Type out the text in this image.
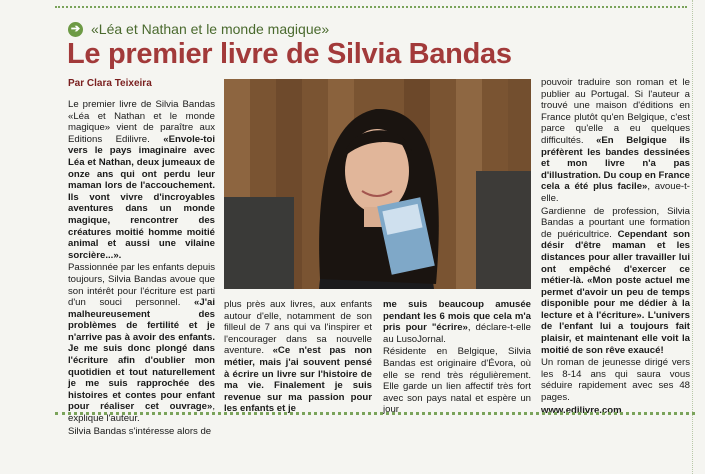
➔ «Léa et Nathan et le monde magique»
Le premier livre de Silvia Bandas
Par Clara Teixeira

Le premier livre de Silvia Bandas «Léa et Nathan et le monde magique» vient de paraître aux Editions Edilivre. «Envole-toi vers le pays imaginaire avec Léa et Nathan, deux jumeaux de onze ans qui ont perdu leur maman lors de l'accouchement. Ils vont vivre d'incroyables aventures dans un monde magique, rencontrer des créatures moitié homme moitié animal et aussi une vilaine sorcière...».

Passionnée par les enfants depuis toujours, Silvia Bandas avoue que son intérêt pour l'écriture est parti d'un souci personnel. «J'ai malheureusement des problèmes de fertilité et je n'arrive pas à avoir des enfants. Je me suis donc plongé dans l'écriture afin d'oublier mon quotidien et tout naturellement je me suis rapprochée des histoires et contes pour enfant pour réaliser cet ouvrage», explique l'auteur.

Silvia Bandas s'intéresse alors de

plus près aux livres, aux enfants autour d'elle, notamment de son filleul de 7 ans qui va l'inspirer et l'encourager dans sa nouvelle aventure. «Ce n'est pas non métier, mais j'ai souvent pensé à écrire un livre sur l'histoire de ma vie. Finalement je suis revenue sur ma passion pour les enfants et je

me suis beaucoup amusée pendant les 6 mois que cela m'a pris pour "écrire», déclare-t-elle au LusoJornal.

Résidente en Belgique, Silvia Bandas est originaire d'Évora, où elle se rend très régulièrement. Elle garde un lien affectif très fort avec son pays natal et espère un jour

pouvoir traduire son roman et le publier au Portugal. Si l'auteur a trouvé une maison d'éditions en France plutôt qu'en Belgique, c'est parce qu'elle a eu quelques difficultés. «En Belgique ils préfèrent les bandes dessinées et mon livre n'a pas d'illustration. Du coup en France cela a été plus facile», avoue-t-elle.

Gardienne de profession, Silvia Bandas a pourtant une formation de puéricultrice. Cependant son désir d'être maman et les distances pour aller travailler lui ont empêché d'exercer ce métier-là. «Mon poste actuel me permet d'avoir un peu de temps disponible pour me dédier à la lecture et à l'écriture». L'univers de l'enfant lui a toujours fait plaisir, et maintenant elle voit la moitié de son rêve exaucé!

Un roman de jeunesse dirigé vers les 8-14 ans qui saura vous séduire rapidement avec ses 48 pages.

www.edilivre.com
